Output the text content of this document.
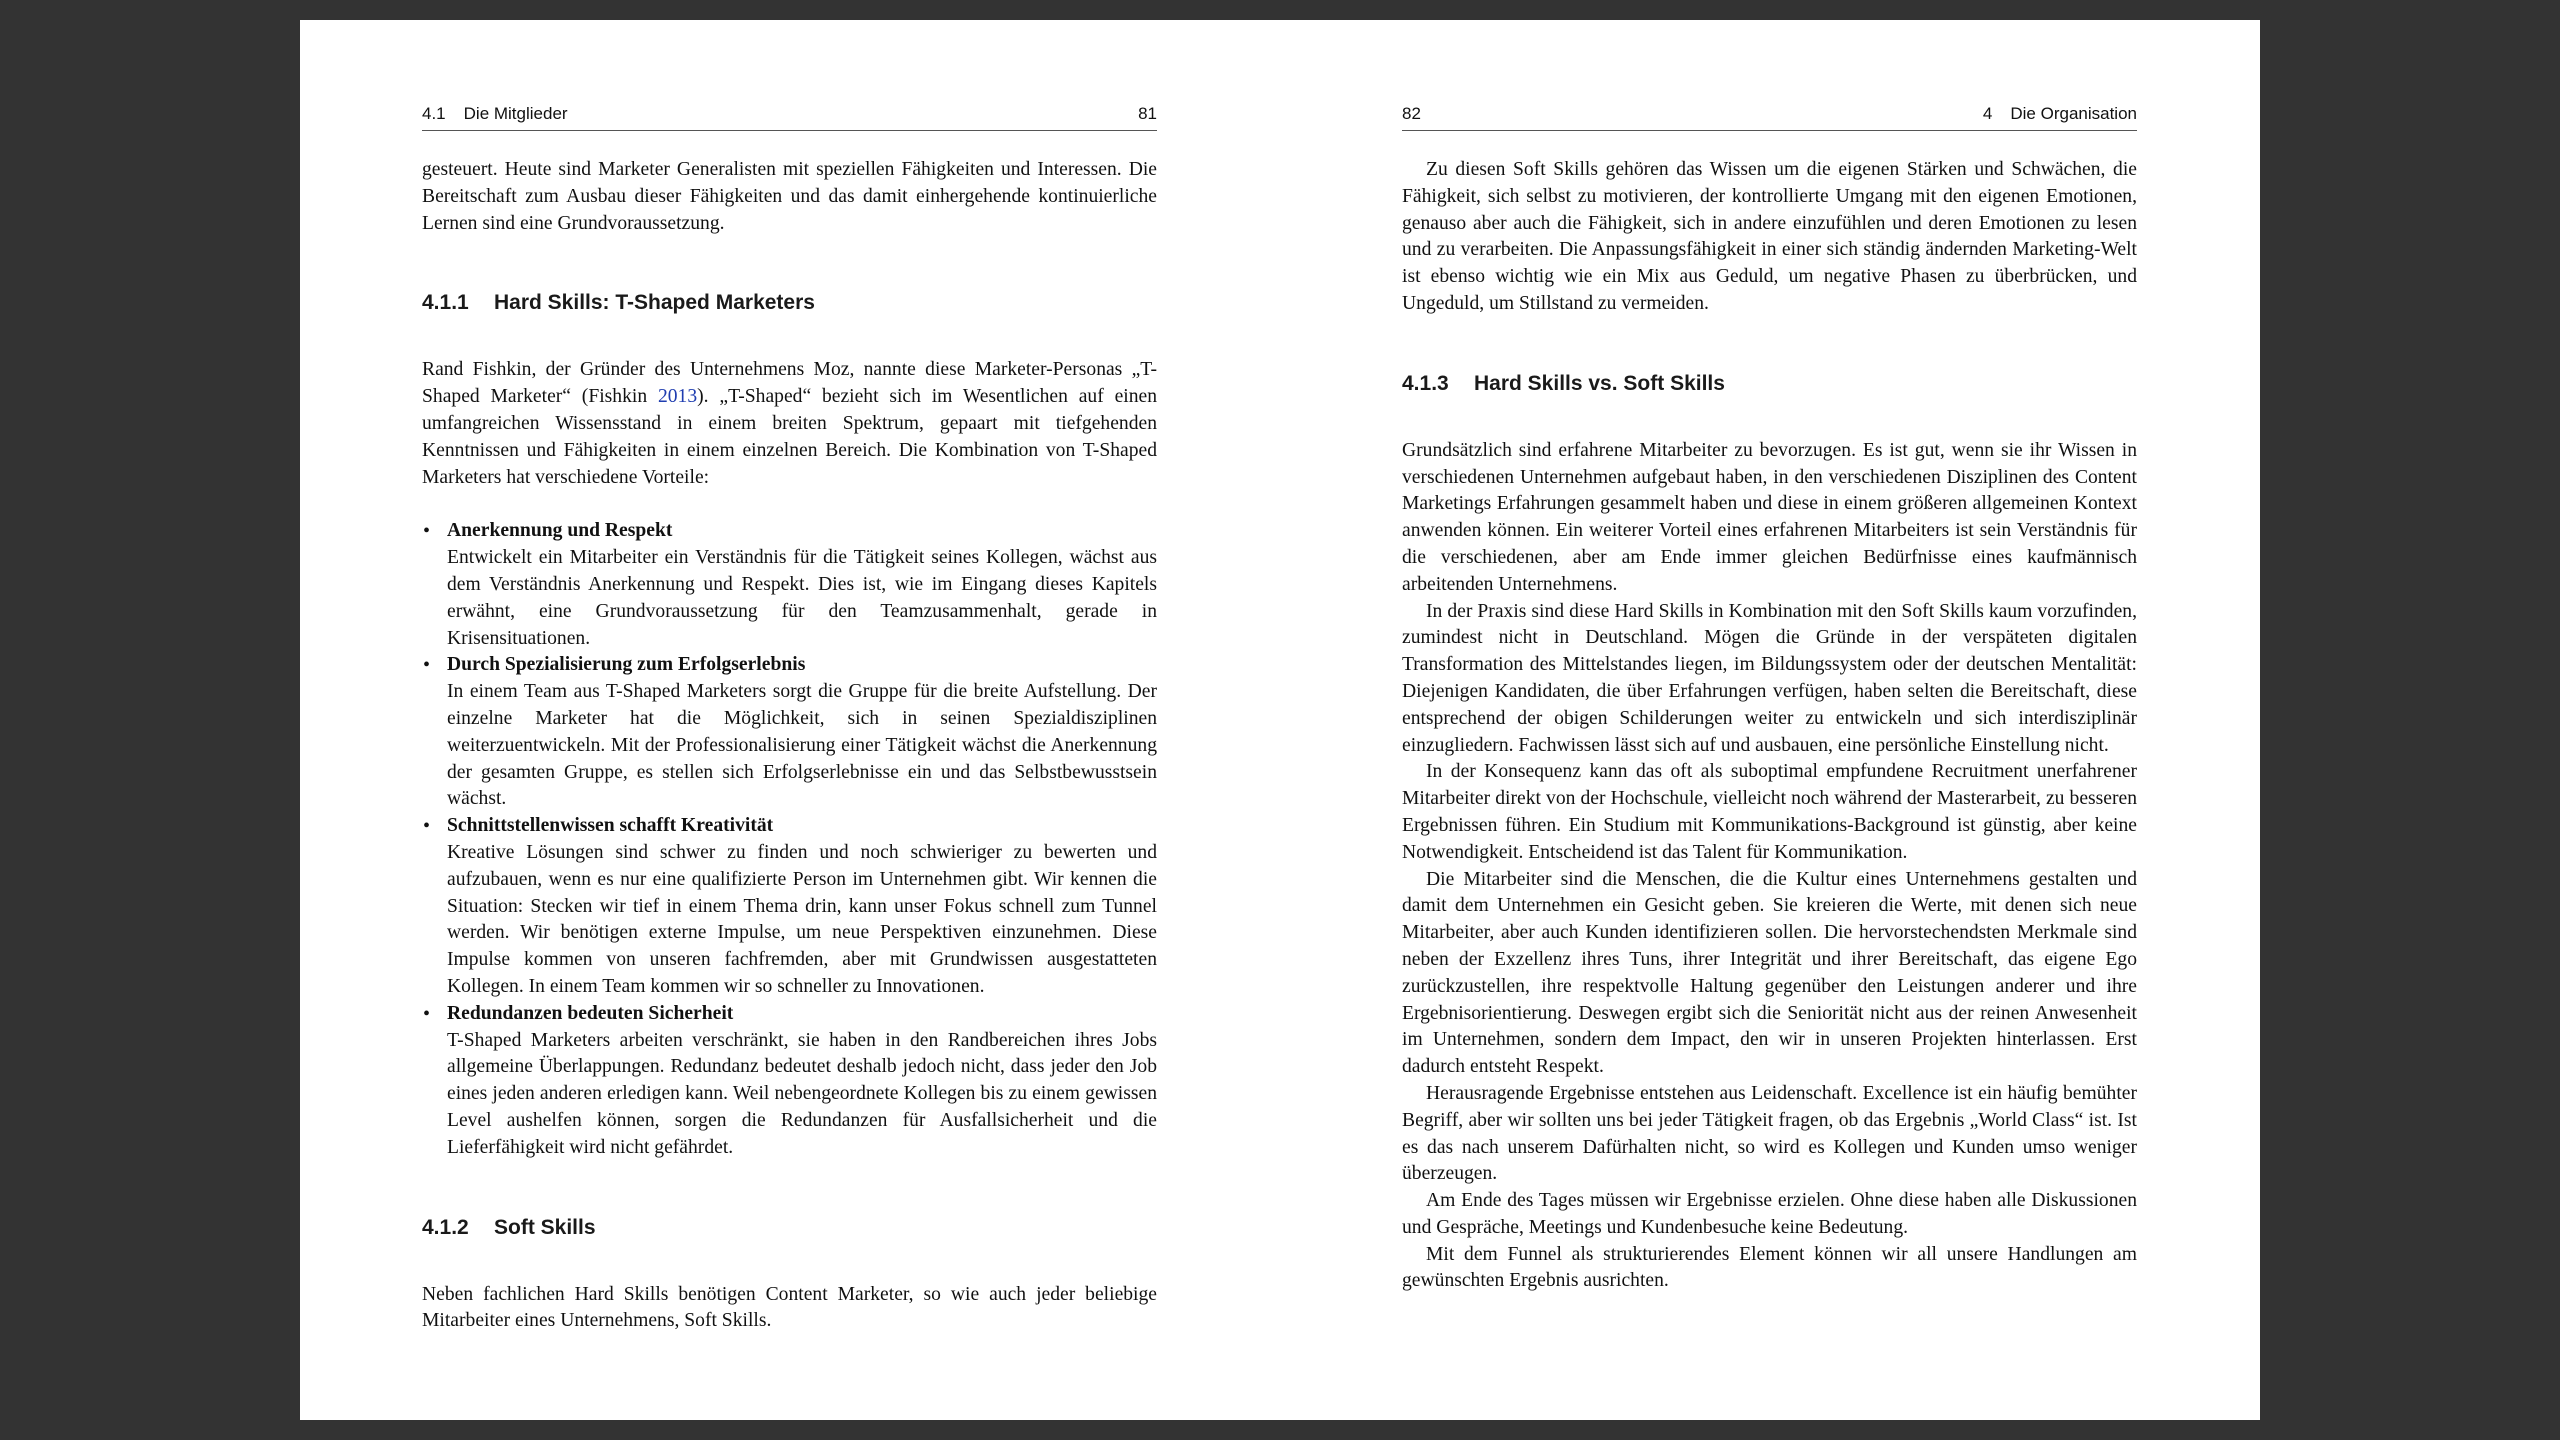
4.1 Die Mitglieder	81

gesteuert. Heute sind Marketer Generalisten mit speziellen Fähigkeiten und Interessen. Die Bereitschaft zum Ausbau dieser Fähigkeiten und das damit einhergehende kontinuierliche Lernen sind eine Grundvoraussetzung.

4.1.1 Hard Skills: T-Shaped Marketers

Rand Fishkin, der Gründer des Unternehmens Moz, nannte diese Marketer-Personas „T-Shaped Marketer“ (Fishkin 2013). „T-Shaped“ bezieht sich im Wesentlichen auf einen umfangreichen Wissensstand in einem breiten Spektrum, gepaart mit tiefgehenden Kenntnissen und Fähigkeiten in einem einzelnen Bereich. Die Kombination von T-Shaped Marketers hat verschiedene Vorteile:

• Anerkennung und Respekt

Entwickelt ein Mitarbeiter ein Verständnis für die Tätigkeit seines Kollegen, wächst aus dem Verständnis Anerkennung und Respekt. Dies ist, wie im Eingang dieses Kapitels erwähnt, eine Grundvoraussetzung für den Teamzusammenhalt, gerade in Krisensituationen.

• Durch Spezialisierung zum Erfolgserlebnis

In einem Team aus T-Shaped Marketers sorgt die Gruppe für die breite Aufstellung. Der einzelne Marketer hat die Möglichkeit, sich in seinen Spezialdisziplinen weiterzuentwickeln. Mit der Professionalisierung einer Tätigkeit wächst die Anerkennung der gesamten Gruppe, es stellen sich Erfolgserlebnisse ein und das Selbstbewusstsein wächst.

• Schnittstellenwissen schafft Kreativität

Kreative Lösungen sind schwer zu finden und noch schwieriger zu bewerten und aufzubauen, wenn es nur eine qualifizierte Person im Unternehmen gibt. Wir kennen die Situation: Stecken wir tief in einem Thema drin, kann unser Fokus schnell zum Tunnel werden. Wir benötigen externe Impulse, um neue Perspektiven einzunehmen. Diese Impulse kommen von unseren fachfremden, aber mit Grundwissen ausgestatteten Kollegen. In einem Team kommen wir so schneller zu Innovationen.

• Redundanzen bedeuten Sicherheit

T-Shaped Marketers arbeiten verschränkt, sie haben in den Randbereichen ihres Jobs allgemeine Überlappungen. Redundanz bedeutet deshalb jedoch nicht, dass jeder den Job eines jeden anderen erledigen kann. Weil nebengeordnete Kollegen bis zu einem gewissen Level aushelfen können, sorgen die Redundanzen für Ausfallsicherheit und die Lieferfähigkeit wird nicht gefährdet.

4.1.2 Soft Skills

Neben fachlichen Hard Skills benötigen Content Marketer, so wie auch jeder beliebige Mitarbeiter eines Unternehmens, Soft Skills.

82	4 Die Organisation

Zu diesen Soft Skills gehören das Wissen um die eigenen Stärken und Schwächen, die Fähigkeit, sich selbst zu motivieren, der kontrollierte Umgang mit den eigenen Emotionen, genauso aber auch die Fähigkeit, sich in andere einzufühlen und deren Emotionen zu lesen und zu verarbeiten. Die Anpassungsfähigkeit in einer sich ständig ändernden Marketing-Welt ist ebenso wichtig wie ein Mix aus Geduld, um negative Phasen zu überbrücken, und Ungeduld, um Stillstand zu vermeiden.

4.1.3 Hard Skills vs. Soft Skills

Grundsätzlich sind erfahrene Mitarbeiter zu bevorzugen. Es ist gut, wenn sie ihr Wissen in verschiedenen Unternehmen aufgebaut haben, in den verschiedenen Disziplinen des Content Marketings Erfahrungen gesammelt haben und diese in einem größeren allgemeinen Kontext anwenden können. Ein weiterer Vorteil eines erfahrenen Mitarbeiters ist sein Verständnis für die verschiedenen, aber am Ende immer gleichen Bedürfnisse eines kaufmännisch arbeitenden Unternehmens.

In der Praxis sind diese Hard Skills in Kombination mit den Soft Skills kaum vorzufinden, zumindest nicht in Deutschland. Mögen die Gründe in der verspäteten digitalen Transformation des Mittelstandes liegen, im Bildungssystem oder der deutschen Mentalität: Diejenigen Kandidaten, die über Erfahrungen verfügen, haben selten die Bereitschaft, diese entsprechend der obigen Schilderungen weiter zu entwickeln und sich interdisziplinär einzugliedern. Fachwissen lässt sich auf und ausbauen, eine persönliche Einstellung nicht.

In der Konsequenz kann das oft als suboptimal empfundene Recruitment unerfahrener Mitarbeiter direkt von der Hochschule, vielleicht noch während der Masterarbeit, zu besseren Ergebnissen führen. Ein Studium mit Kommunikations-Background ist günstig, aber keine Notwendigkeit. Entscheidend ist das Talent für Kommunikation.

Die Mitarbeiter sind die Menschen, die die Kultur eines Unternehmens gestalten und damit dem Unternehmen ein Gesicht geben. Sie kreieren die Werte, mit denen sich neue Mitarbeiter, aber auch Kunden identifizieren sollen. Die hervorstechendsten Merkmale sind neben der Exzellenz ihres Tuns, ihrer Integrität und ihrer Bereitschaft, das eigene Ego zurückzustellen, ihre respektvolle Haltung gegenüber den Leistungen anderer und ihre Ergebnisorientierung. Deswegen ergibt sich die Seniorität nicht aus der reinen Anwesenheit im Unternehmen, sondern dem Impact, den wir in unseren Projekten hinterlassen. Erst dadurch entsteht Respekt.

Herausragende Ergebnisse entstehen aus Leidenschaft. Excellence ist ein häufig bemühter Begriff, aber wir sollten uns bei jeder Tätigkeit fragen, ob das Ergebnis „World Class“ ist. Ist es das nach unserem Dafürhalten nicht, so wird es Kollegen und Kunden umso weniger überzeugen.

Am Ende des Tages müssen wir Ergebnisse erzielen. Ohne diese haben alle Diskussionen und Gespräche, Meetings und Kundenbesuche keine Bedeutung.

Mit dem Funnel als strukturierendes Element können wir all unsere Handlungen am gewünschten Ergebnis ausrichten.
